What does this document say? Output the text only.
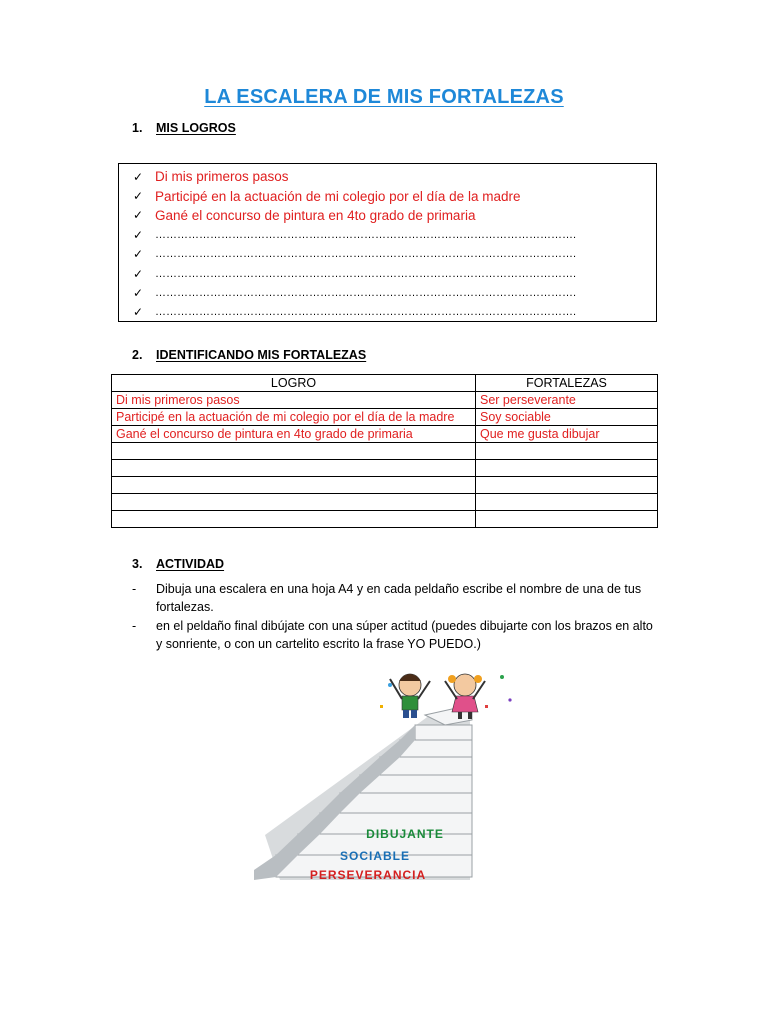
LA ESCALERA DE MIS FORTALEZAS
1. MIS LOGROS
✓ Di mis primeros pasos
✓ Participé en la actuación de mi colegio por el día de la madre
✓ Gané el concurso de pintura en 4to grado de primaria
✓	…………………………………………………………………………………………………….
✓	…………………………………………………………………………………………………….
✓	…………………………………………………………………………………………………….
✓	…………………………………………………………………………………………………….
✓	…………………………………………………………………………………………………….
2. IDENTIFICANDO MIS FORTALEZAS
LOGRO	FORTALEZAS
Di mis primeros pasos	Ser perseverante
Participé en la actuación de mi colegio por el día de la madre	Soy sociable
Gané el concurso de pintura en 4to grado de primaria	Que me gusta dibujar

3. ACTIVIDAD
-	Dibuja una escalera en una hoja A4 y en cada peldaño escribe el nombre de una de tus fortalezas.
-	en el peldaño final dibújate con una súper actitud (puedes dibujarte con los brazos en alto y sonriente, o con un cartelito escrito la frase YO PUEDO.)
DIBUJANTE
SOCIABLE
PERSEVERANCIA
